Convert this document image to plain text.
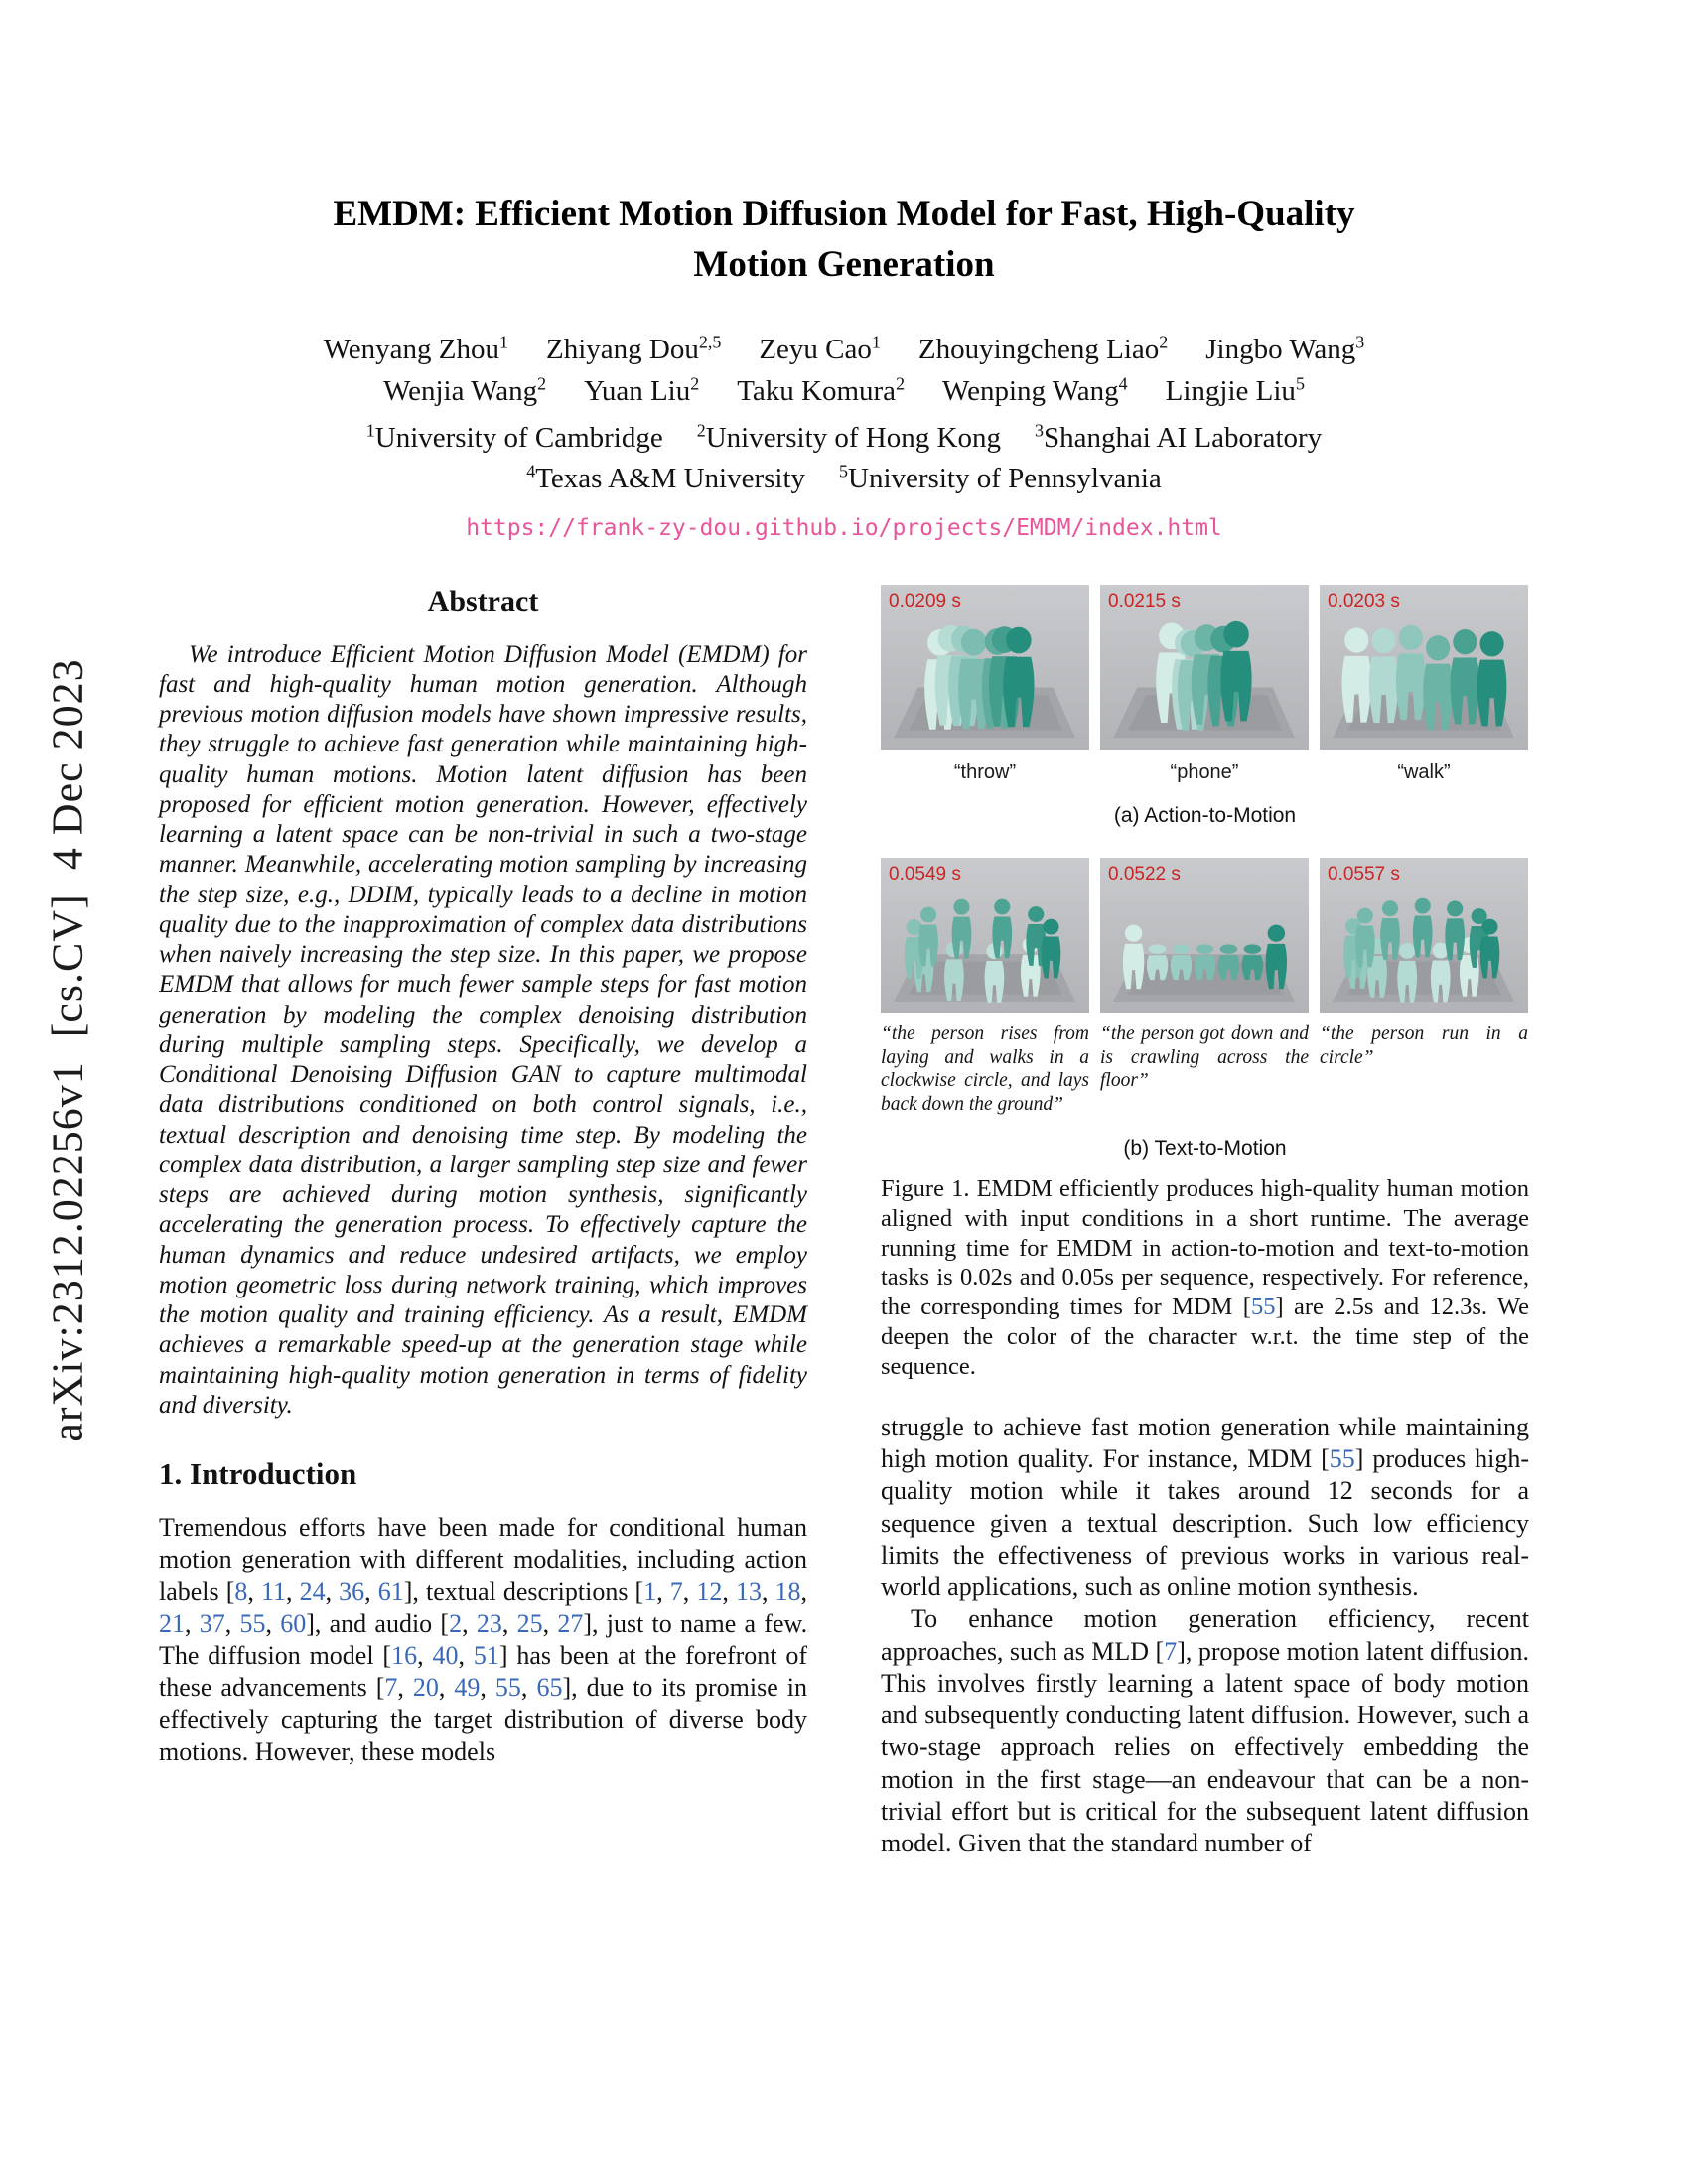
arXiv:2312.02256v1  [cs.CV]  4 Dec 2023
EMDM: Efficient Motion Diffusion Model for Fast, High-Quality
Motion Generation
Wenyang Zhou$^1$ Zhiyang Dou$^{2,5}$ Zeyu Cao$^1$ Zhouyingcheng Liao$^2$ Jingbo Wang$^3$
Wenjia Wang$^2$ Yuan Liu$^2$ Taku Komura$^2$ Wenping Wang$^4$ Lingjie Liu$^5$
$^1$University of Cambridge $^2$University of Hong Kong $^3$Shanghai AI Laboratory
$^4$Texas A&M University $^5$University of Pennsylvania
https://frank-zy-dou.github.io/projects/EMDM/index.html
Abstract

We introduce Efficient Motion Diffusion Model (EMDM) for fast and high-quality human motion generation. Although previous motion diffusion models have shown impressive results, they struggle to achieve fast generation while maintaining high-quality human motions. Motion latent diffusion has been proposed for efficient motion generation. However, effectively learning a latent space can be non-trivial in such a two-stage manner. Meanwhile, accelerating motion sampling by increasing the step size, e.g., DDIM, typically leads to a decline in motion quality due to the inapproximation of complex data distributions when naively increasing the step size. In this paper, we propose EMDM that allows for much fewer sample steps for fast motion generation by modeling the complex denoising distribution during multiple sampling steps. Specifically, we develop a Conditional Denoising Diffusion GAN to capture multimodal data distributions conditioned on both control signals, i.e., textual description and denoising time step. By modeling the complex data distribution, a larger sampling step size and fewer steps are achieved during motion synthesis, significantly accelerating the generation process. To effectively capture the human dynamics and reduce undesired artifacts, we employ motion geometric loss during network training, which improves the motion quality and training efficiency. As a result, EMDM achieves a remarkable speed-up at the generation stage while maintaining high-quality motion generation in terms of fidelity and diversity.

1. Introduction

Tremendous efforts have been made for conditional human motion generation with different modalities, including action labels [8, 11, 24, 36, 61], textual descriptions [1, 7, 12, 13, 18, 21, 37, 55, 60], and audio [2, 23, 25, 27], just to name a few. The diffusion model [16, 40, 51] has been at the forefront of these advancements [7, 20, 49, 55, 65], due to its promise in effectively capturing the target distribution of diverse body motions. However, these models

0.0209 s
“throw”
0.0215 s
“phone”
0.0203 s
“walk”
(a) Action-to-Motion
0.0549 s
“the person rises from laying and walks in a clockwise circle, and lays back down the ground”
0.0522 s
“the person got down and is crawling across the floor”
0.0557 s
“the person run in a circle”
(b) Text-to-Motion

Figure 1. EMDM efficiently produces high-quality human motion aligned with input conditions in a short runtime. The average running time for EMDM in action-to-motion and text-to-motion tasks is 0.02s and 0.05s per sequence, respectively. For reference, the corresponding times for MDM [55] are 2.5s and 12.3s. We deepen the color of the character w.r.t. the time step of the sequence.

struggle to achieve fast motion generation while maintaining high motion quality. For instance, MDM [55] produces high-quality motion while it takes around 12 seconds for a sequence given a textual description. Such low efficiency limits the effectiveness of previous works in various real-world applications, such as online motion synthesis.

To enhance motion generation efficiency, recent approaches, such as MLD [7], propose motion latent diffusion. This involves firstly learning a latent space of body motion and subsequently conducting latent diffusion. However, such a two-stage approach relies on effectively embedding the motion in the first stage—an endeavour that can be a non-trivial effort but is critical for the subsequent latent diffusion model. Given that the standard number of
